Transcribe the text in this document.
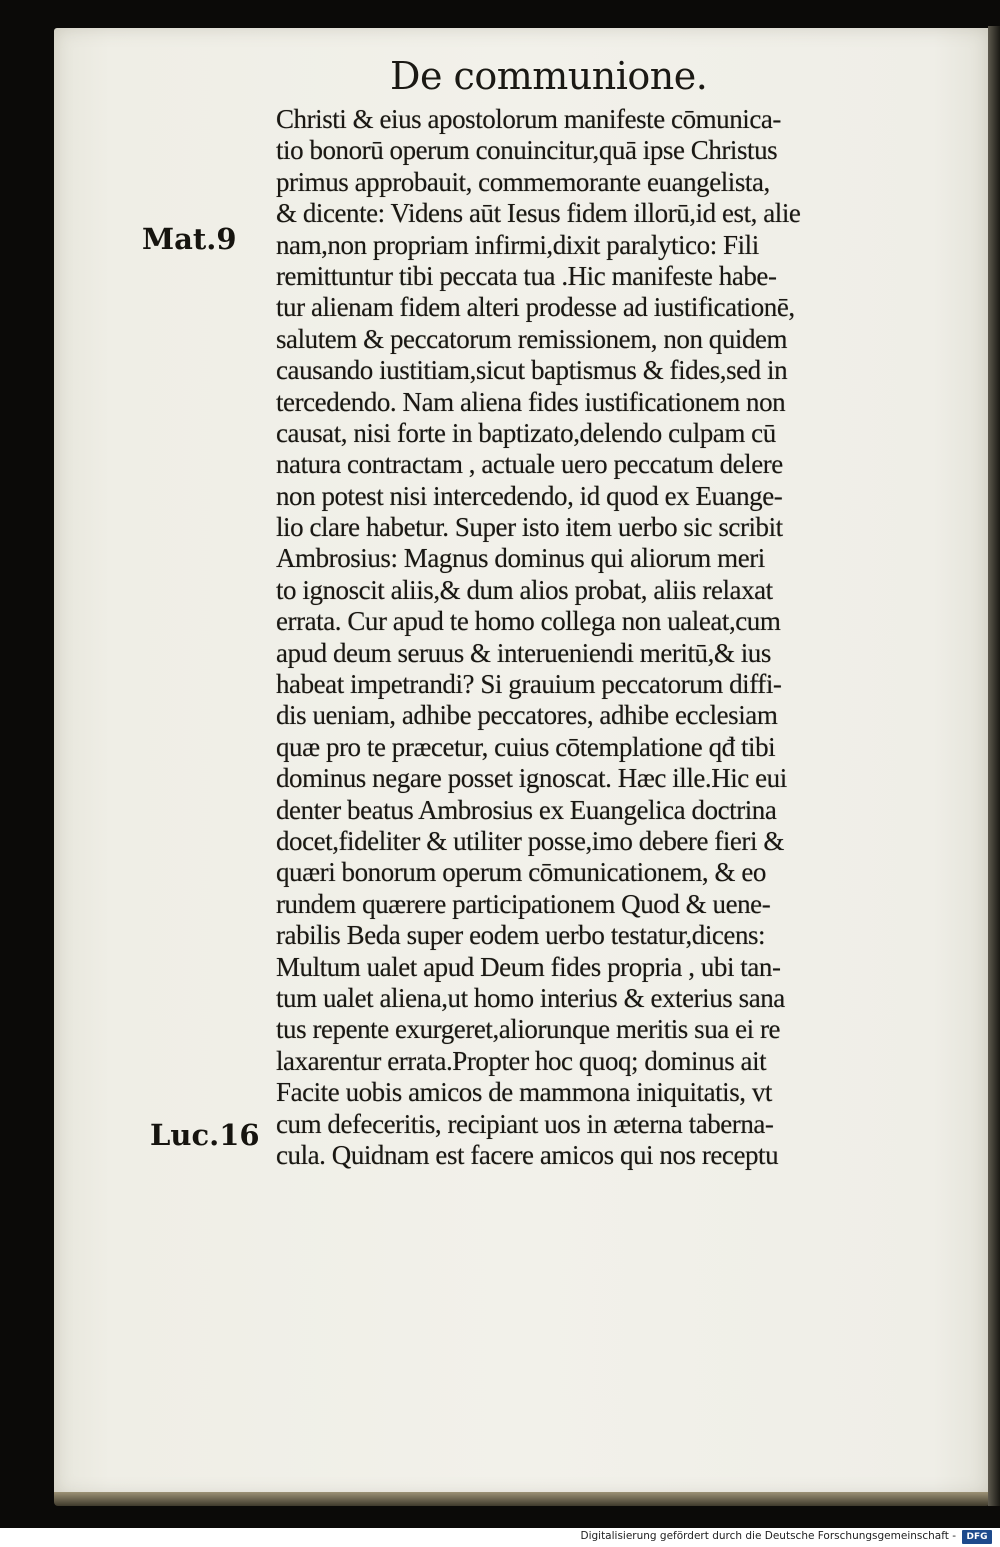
De communione.
Mat.9
Luc.16
Christi & eius apostolorum manifeste cōmunica-
tio bonorū operum conuincitur,quā ipse Christus
primus approbauit, commemorante euangelista,
& dicente: Videns aūt Iesus fidem illorū,id est, alie
nam,non propriam infirmi,dixit paralytico: Fili
remittuntur tibi peccata tua .Hic manifeste habe-
tur alienam fidem alteri prodesse ad iustificationē,
salutem & peccatorum remissionem, non quidem
causando iustitiam,sicut baptismus & fides,sed in
tercedendo. Nam aliena fides iustificationem non
causat, nisi forte in baptizato,delendo culpam cū
natura contractam , actuale uero peccatum delere
non potest nisi intercedendo, id quod ex Euange-
lio clare habetur. Super isto item uerbo sic scribit
Ambrosius: Magnus dominus qui aliorum meri
to ignoscit aliis,& dum alios probat, aliis relaxat
errata. Cur apud te homo collega non ualeat,cum
apud deum seruus & interueniendi meritū,& ius
habeat impetrandi? Si grauium peccatorum diffi-
dis ueniam, adhibe peccatores, adhibe ecclesiam
quæ pro te præcetur, cuius cōtemplatione qđ tibi
dominus negare posset ignoscat. Hæc ille.Hic eui
denter beatus Ambrosius ex Euangelica doctrina
docet,fideliter & utiliter posse,imo debere fieri &
quæri bonorum operum cōmunicationem, & eo
rundem quærere participationem Quod & uene-
rabilis Beda super eodem uerbo testatur,dicens:
Multum ualet apud Deum fides propria , ubi tan-
tum ualet aliena,ut homo interius & exterius sana
tus repente exurgeret,aliorunque meritis sua ei re
laxarentur errata.Propter hoc quoq; dominus ait
Facite uobis amicos de mammona iniquitatis, vt
cum defeceritis, recipiant uos in æterna taberna-
cula. Quidnam est facere amicos qui nos receptu
Digitalisierung gefördert durch die Deutsche Forschungsgemeinschaft -	DFG
